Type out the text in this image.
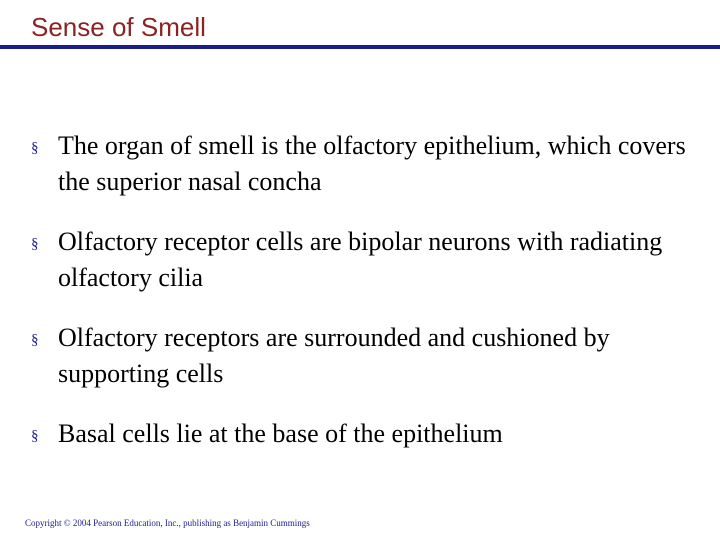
Sense of Smell
§ The organ of smell is the olfactory epithelium, which covers the superior nasal concha
§ Olfactory receptor cells are bipolar neurons with radiating olfactory cilia
§ Olfactory receptors are surrounded and cushioned by supporting cells
§ Basal cells lie at the base of the epithelium
Copyright © 2004 Pearson Education, Inc., publishing as Benjamin Cummings
